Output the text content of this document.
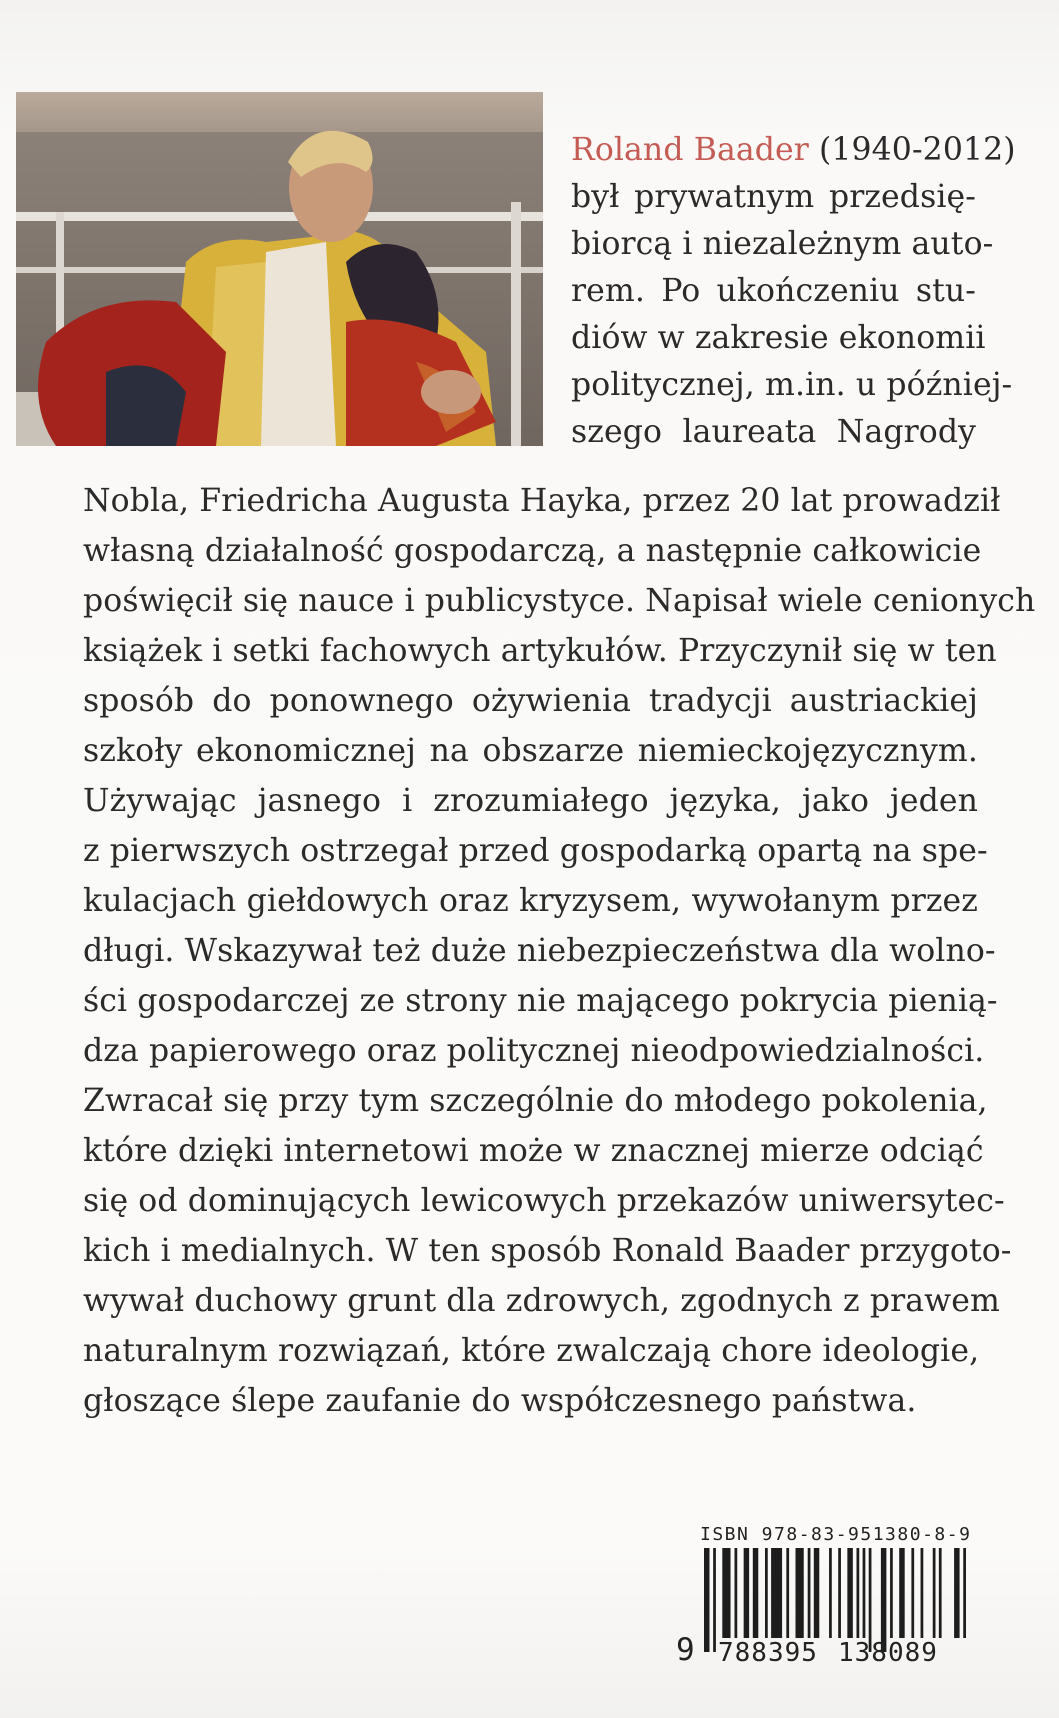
Roland Baader (1940-2012)
był prywatnym przedsię-
biorcą i niezależnym auto-
rem. Po ukończeniu stu-
diów w zakresie ekonomii
politycznej, m.in. u później-
szego laureata Nagrody
Nobla, Friedricha Augusta Hayka, przez 20 lat prowadził
własną działalność gospodarczą, a następnie całkowicie
poświęcił się nauce i publicystyce. Napisał wiele cenionych
książek i setki fachowych artykułów. Przyczynił się w ten
sposób do ponownego ożywienia tradycji austriackiej
szkoły ekonomicznej na obszarze niemieckojęzycznym.
Używając jasnego i zrozumiałego języka, jako jeden
z pierwszych ostrzegał przed gospodarką opartą na spe-
kulacjach giełdowych oraz kryzysem, wywołanym przez
długi. Wskazywał też duże niebezpieczeństwa dla wolno-
ści gospodarczej ze strony nie mającego pokrycia pienią-
dza papierowego oraz politycznej nieodpowiedzialności.
Zwracał się przy tym szczególnie do młodego pokolenia,
które dzięki internetowi może w znacznej mierze odciąć
się od dominujących lewicowych przekazów uniwersytec-
kich i medialnych. W ten sposób Ronald Baader przygoto-
wywał duchowy grunt dla zdrowych, zgodnych z prawem
naturalnym rozwiązań, które zwalczają chore ideologie,
głoszące ślepe zaufanie do współczesnego państwa.
ISBN 978-83-951380-8-9
9 788395 138089
